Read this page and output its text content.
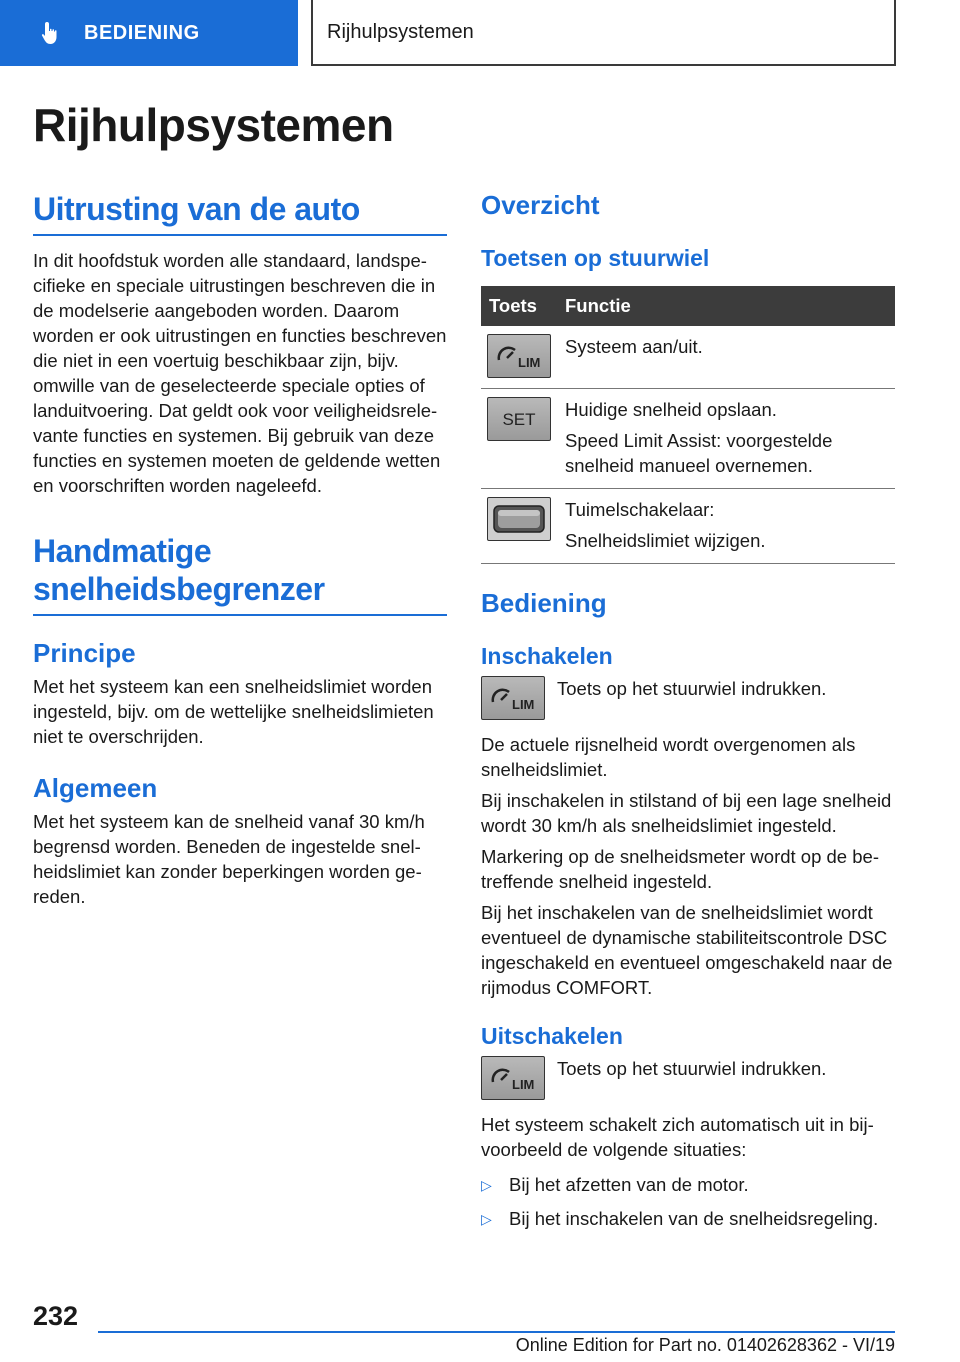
BEDIENING	Rijhulpsystemen
Rijhulpsystemen
Uitrusting van de auto

In dit hoofdstuk worden alle standaard, landspecifieke en speciale uitrustingen beschreven die in de modelserie aangeboden worden. Daarom worden er ook uitrustingen en functies beschreven die niet in een voertuig beschikbaar zijn, bijv. omwille van de geselecteerde speciale opties of landuitvoering. Dat geldt ook voor veiligheidsrelevante functies en systemen. Bij gebruik van deze functies en systemen moeten de geldende wetten en voorschriften worden nageleefd.

Handmatige snelheidsbegrenzer
Principe

Met het systeem kan een snelheidslimiet worden ingesteld, bijv. om de wettelijke snelheidslimieten niet te overschrijden.

Algemeen

Met het systeem kan de snelheid vanaf 30 km/h begrensd worden. Beneden de ingestelde snelheidslimiet kan zonder beperkingen worden gereden.

Overzicht
Toetsen op stuurwiel
Toets	Functie

LIM	Systeem aan/uit.

SET	Huidige snelheid opslaan.
Speed Limit Assist: voorgestelde snelheid manueel overnemen.

Tuimelschakelaar:
Snelheidslimiet wijzigen.
Bediening
Inschakelen
LIM

Toets op het stuurwiel indrukken.

De actuele rijsnelheid wordt overgenomen als snelheidslimiet.

Bij inschakelen in stilstand of bij een lage snelheid wordt 30 km/h als snelheidslimiet ingesteld.

Markering op de snelheidsmeter wordt op de betreffende snelheid ingesteld.

Bij het inschakelen van de snelheidslimiet wordt eventueel de dynamische stabiliteitscontrole DSC ingeschakeld en eventueel omgeschakeld naar de rijmodus COMFORT.

Uitschakelen
LIM

Toets op het stuurwiel indrukken.

Het systeem schakelt zich automatisch uit in bijvoorbeeld de volgende situaties:

▷ Bij het afzetten van de motor.
▷ Bij het inschakelen van de snelheidsregeling.
232
Online Edition for Part no. 01402628362 - VI/19
